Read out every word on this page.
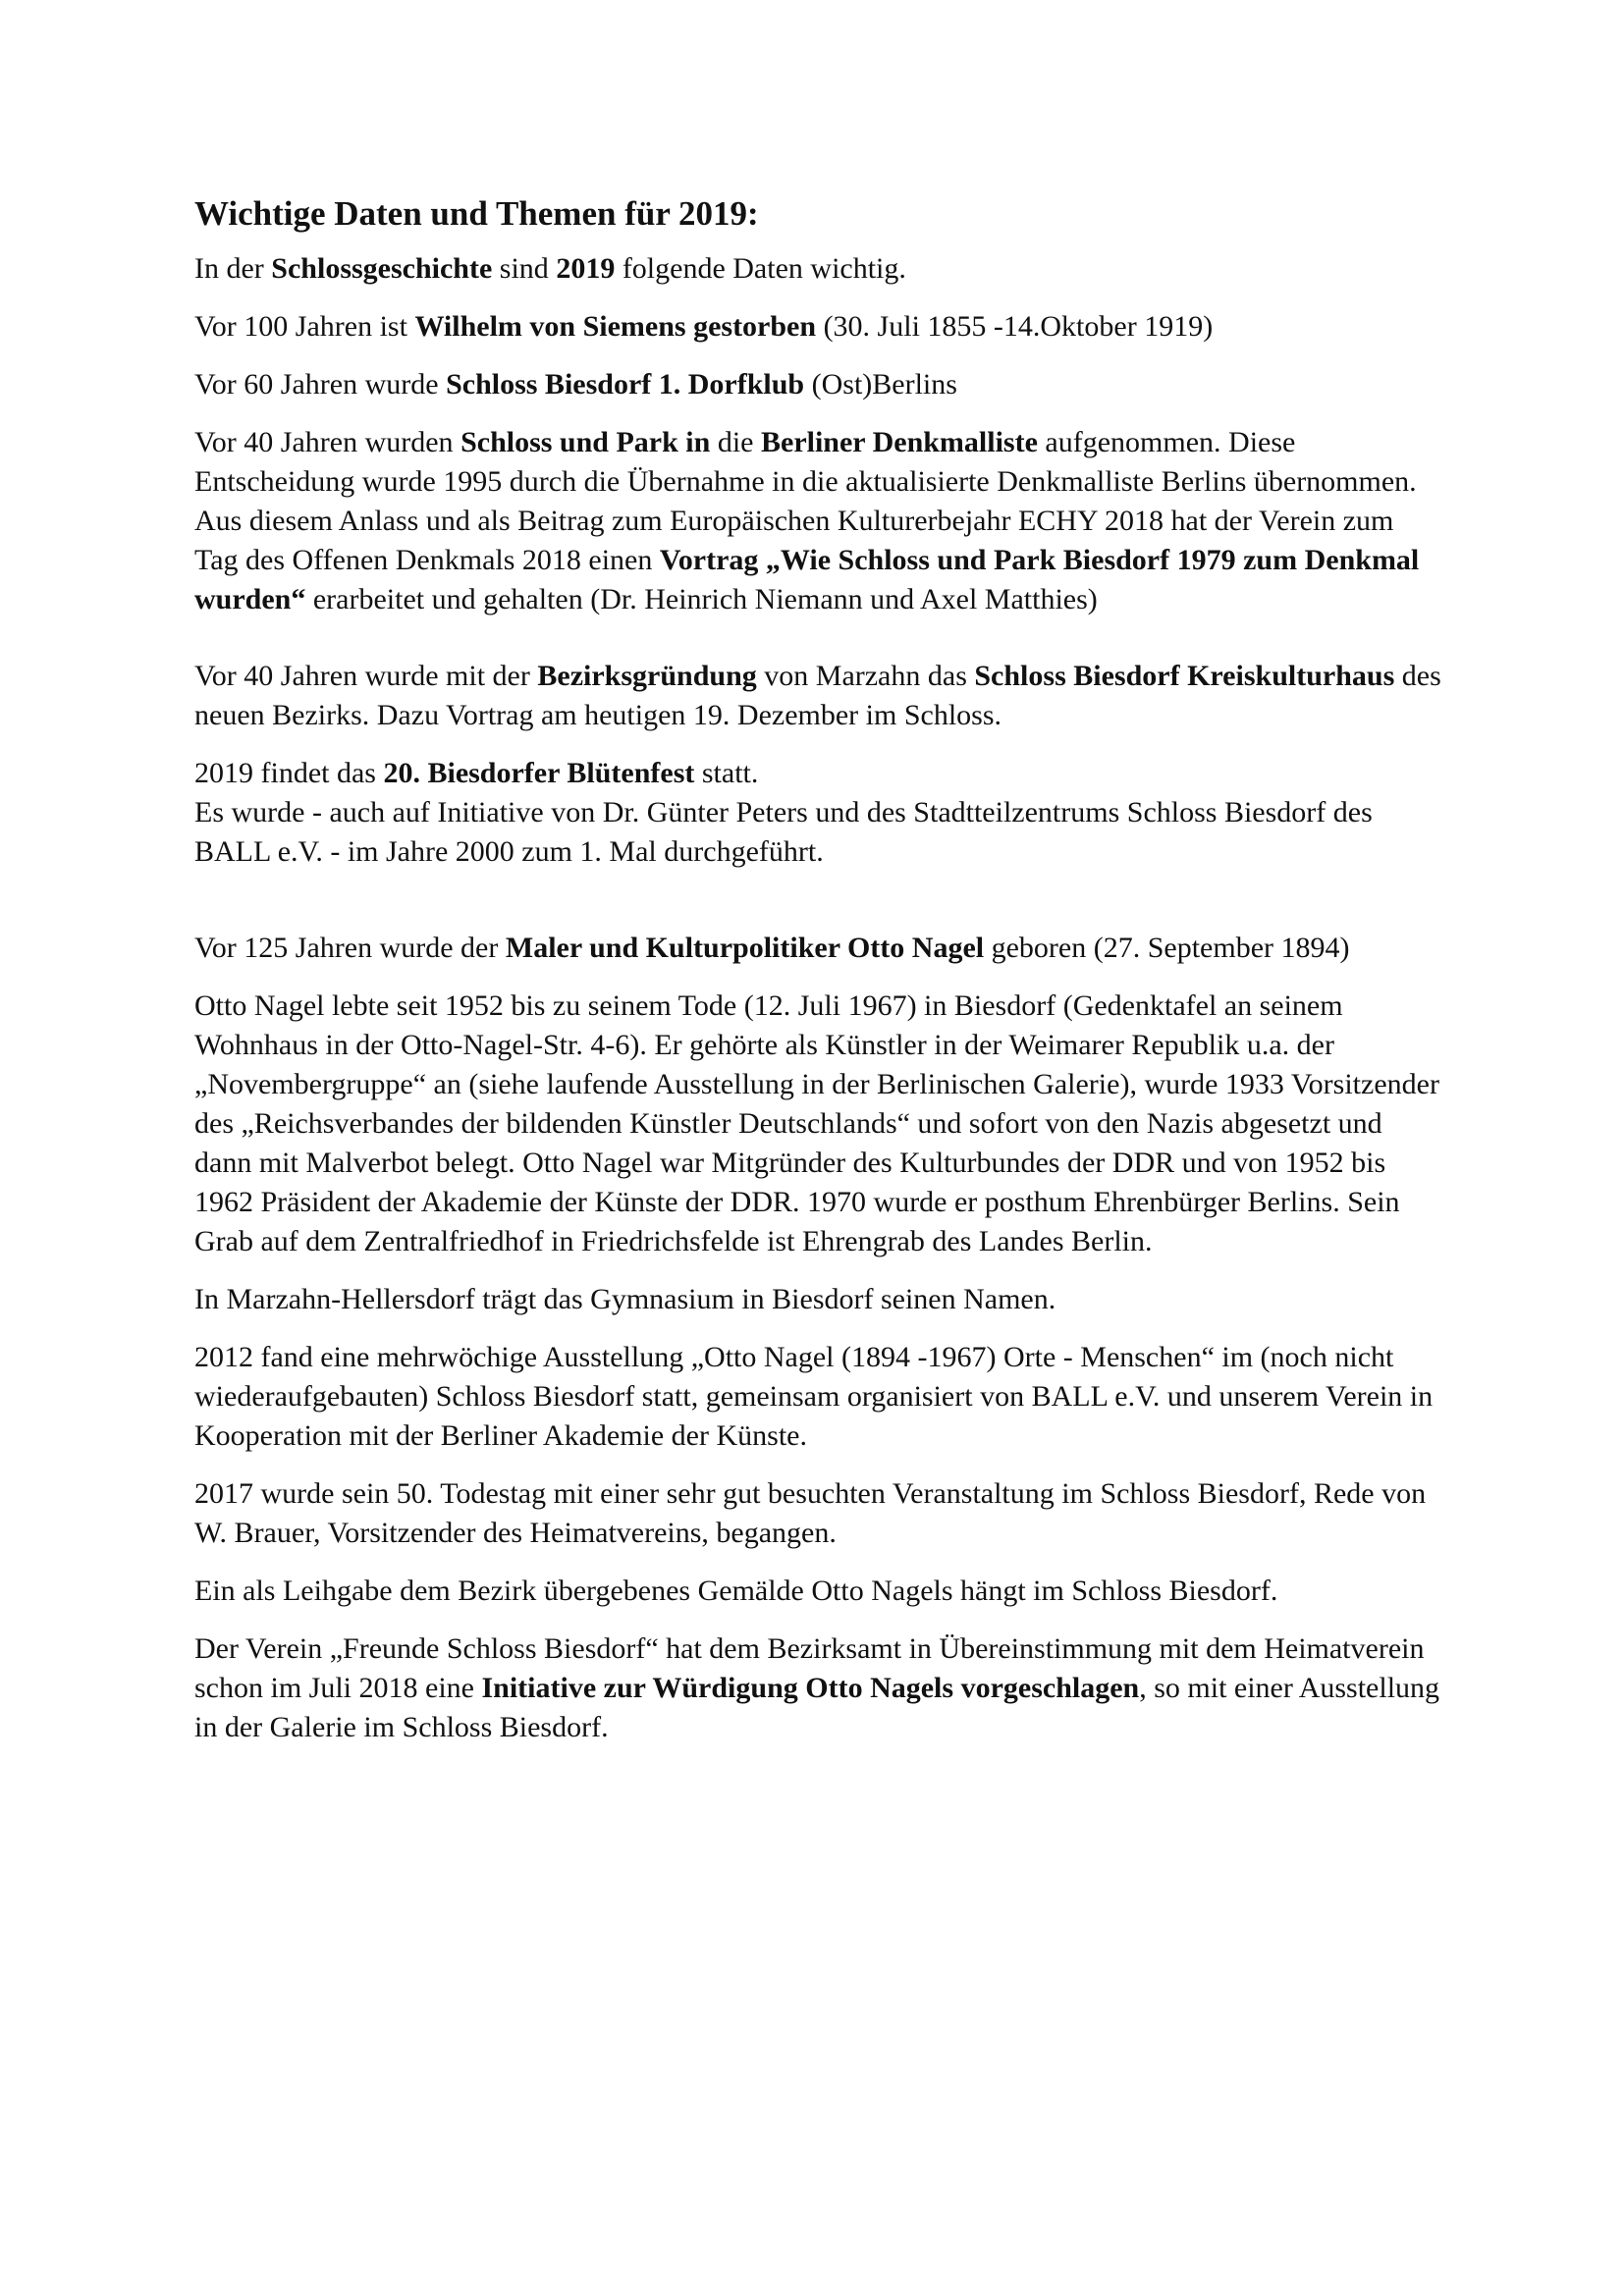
Wichtige Daten und Themen für 2019:

In der Schlossgeschichte sind 2019 folgende Daten wichtig.

Vor 100 Jahren ist Wilhelm von Siemens gestorben (30. Juli 1855 -14.Oktober 1919)

Vor 60 Jahren wurde Schloss Biesdorf 1. Dorfklub (Ost)Berlins

Vor 40 Jahren wurden Schloss und Park in die Berliner Denkmalliste aufgenommen. Diese Entscheidung wurde 1995 durch die Übernahme in die aktualisierte Denkmalliste Berlins übernommen. Aus diesem Anlass und als Beitrag zum Europäischen Kulturerbejahr ECHY 2018 hat der Verein zum Tag des Offenen Denkmals 2018 einen Vortrag „Wie Schloss und Park Biesdorf 1979 zum Denkmal wurden“ erarbeitet und gehalten (Dr. Heinrich Niemann und Axel Matthies)

Vor 40 Jahren wurde mit der Bezirksgründung von Marzahn das Schloss Biesdorf Kreiskulturhaus des neuen Bezirks. Dazu Vortrag am heutigen 19. Dezember im Schloss.

2019 findet das 20. Biesdorfer Blütenfest statt.
Es wurde - auch auf Initiative von Dr. Günter Peters und des Stadtteilzentrums Schloss Biesdorf des BALL e.V. - im Jahre 2000 zum 1. Mal durchgeführt.

Vor 125 Jahren wurde der Maler und Kulturpolitiker Otto Nagel geboren (27. September 1894)

Otto Nagel lebte seit 1952 bis zu seinem Tode (12. Juli 1967) in Biesdorf (Gedenktafel an seinem Wohnhaus in der Otto-Nagel-Str. 4-6). Er gehörte als Künstler in der Weimarer Republik u.a. der „Novembergruppe“ an (siehe laufende Ausstellung in der Berlinischen Galerie), wurde 1933 Vorsitzender des „Reichsverbandes der bildenden Künstler Deutschlands“ und sofort von den Nazis abgesetzt und dann mit Malverbot belegt. Otto Nagel war Mitgründer des Kulturbundes der DDR und von 1952 bis 1962 Präsident der Akademie der Künste der DDR. 1970 wurde er posthum Ehrenbürger Berlins. Sein Grab auf dem Zentralfriedhof in Friedrichsfelde ist Ehrengrab des Landes Berlin.

In Marzahn-Hellersdorf trägt das Gymnasium in Biesdorf seinen Namen.

2012 fand eine mehrwöchige Ausstellung „Otto Nagel (1894 -1967) Orte - Menschen“ im (noch nicht wiederaufgebauten) Schloss Biesdorf statt, gemeinsam organisiert von BALL e.V. und unserem Verein in Kooperation mit der Berliner Akademie der Künste.

2017 wurde sein 50. Todestag mit einer sehr gut besuchten Veranstaltung im Schloss Biesdorf, Rede von W. Brauer, Vorsitzender des Heimatvereins, begangen.

Ein als Leihgabe dem Bezirk übergebenes Gemälde Otto Nagels hängt im Schloss Biesdorf.

Der Verein „Freunde Schloss Biesdorf“ hat dem Bezirksamt in Übereinstimmung mit dem Heimatverein schon im Juli 2018 eine Initiative zur Würdigung Otto Nagels vorgeschlagen, so mit einer Ausstellung in der Galerie im Schloss Biesdorf.
